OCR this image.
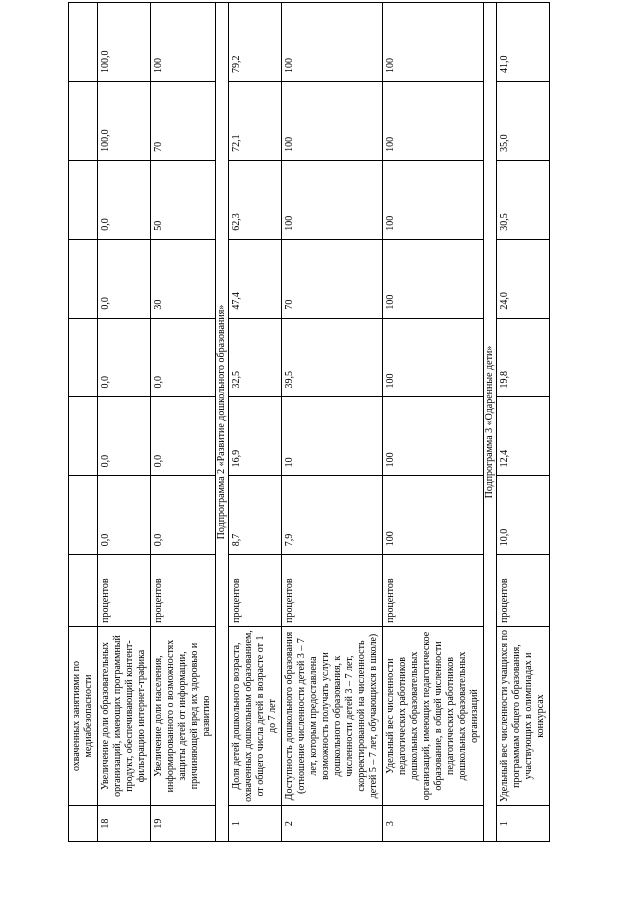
	охваченных занятиями по медиабезопасности								
18	Увеличение доли образовательных организаций, имеющих программный продукт, обеспечивающий контент-фильтрацию интернет-трафика	процентов	0,0	0,0	0,0	0,0	0,0	100,0	100,0
19	Увеличение доли населения, информированного о возможностях защиты детей от информации, причиняющей вред их здоровью и развитию	процентов	0,0	0,0	0,0	30	50	70	100
Подпрограмма 2 «Развитие дошкольного образования»									
1	Доля детей дошкольного возраста, охваченных дошкольным образованием, от общего числа детей в возрасте от 1 до 7 лет	процентов	8,7	16,9	32,5	47,4	62,3	72,1	79,2
2	Доступность дошкольного образования (отношение численности детей 3 – 7 лет, которым предоставлена возможность получать услуги дошкольного образования, к численности детей 3 – 7 лет, скорректированной на численность детей 5 – 7 лет, обучающихся в школе)	процентов	7,9	10	39,5	70	100	100	100
3	Удельный вес численности педагогических работников дошкольных образовательных организаций, имеющих педагогическое образование, в общей численности педагогических работников дошкольных образовательных организаций	процентов	100	100	100	100	100	100	100
Подпрограмма 3 «Одаренные дети»									
1	Удельный вес численности учащихся по программам общего образования, участвующих в олимпиадах и конкурсах	процентов	10,0	12,4	19,8	24,0	30,5	35,0	41,0
